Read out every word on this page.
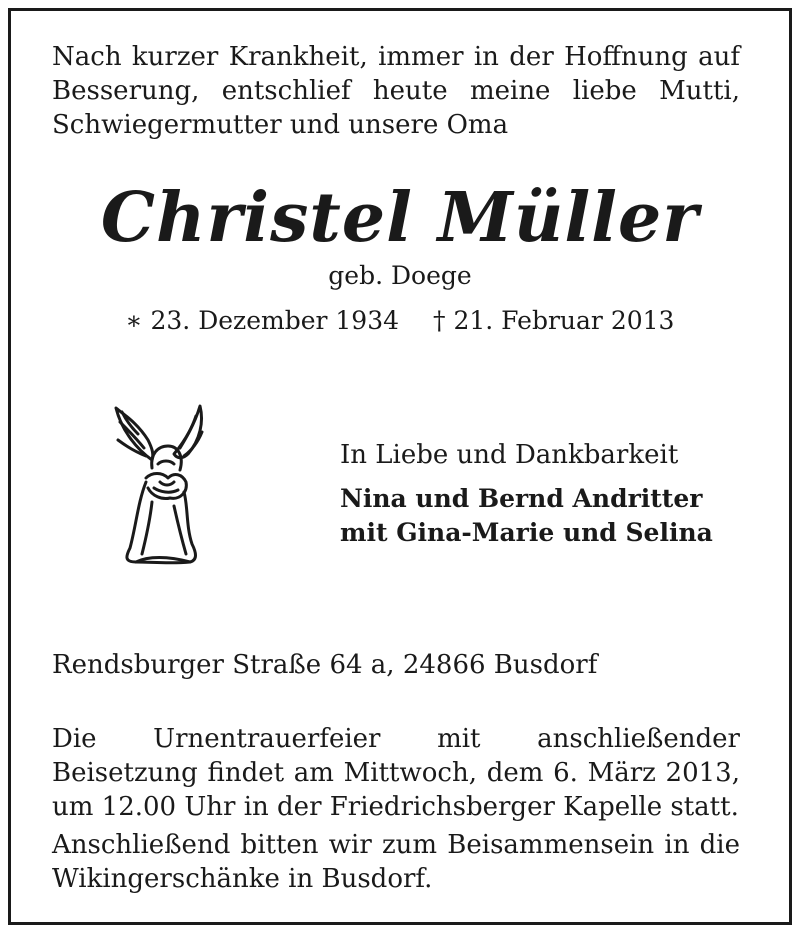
Nach kurzer Krankheit, immer in der Hoffnung auf Besserung, entschlief heute meine liebe Mutti, Schwiegermutter und unsere Oma

Christel Müller

geb. Doege

∗ 23. Dezember 1934 † 21. Februar 2013

In Liebe und Dankbarkeit
Nina und Bernd Andritter
mit Gina-Marie und Selina

Rendsburger Straße 64 a, 24866 Busdorf

Die Urnentrauerfeier mit anschließender Beisetzung findet am Mittwoch, dem 6. März 2013, um 12.00 Uhr in der Friedrichsberger Kapelle statt.

Anschließend bitten wir zum Beisammensein in die Wikingerschänke in Busdorf.
